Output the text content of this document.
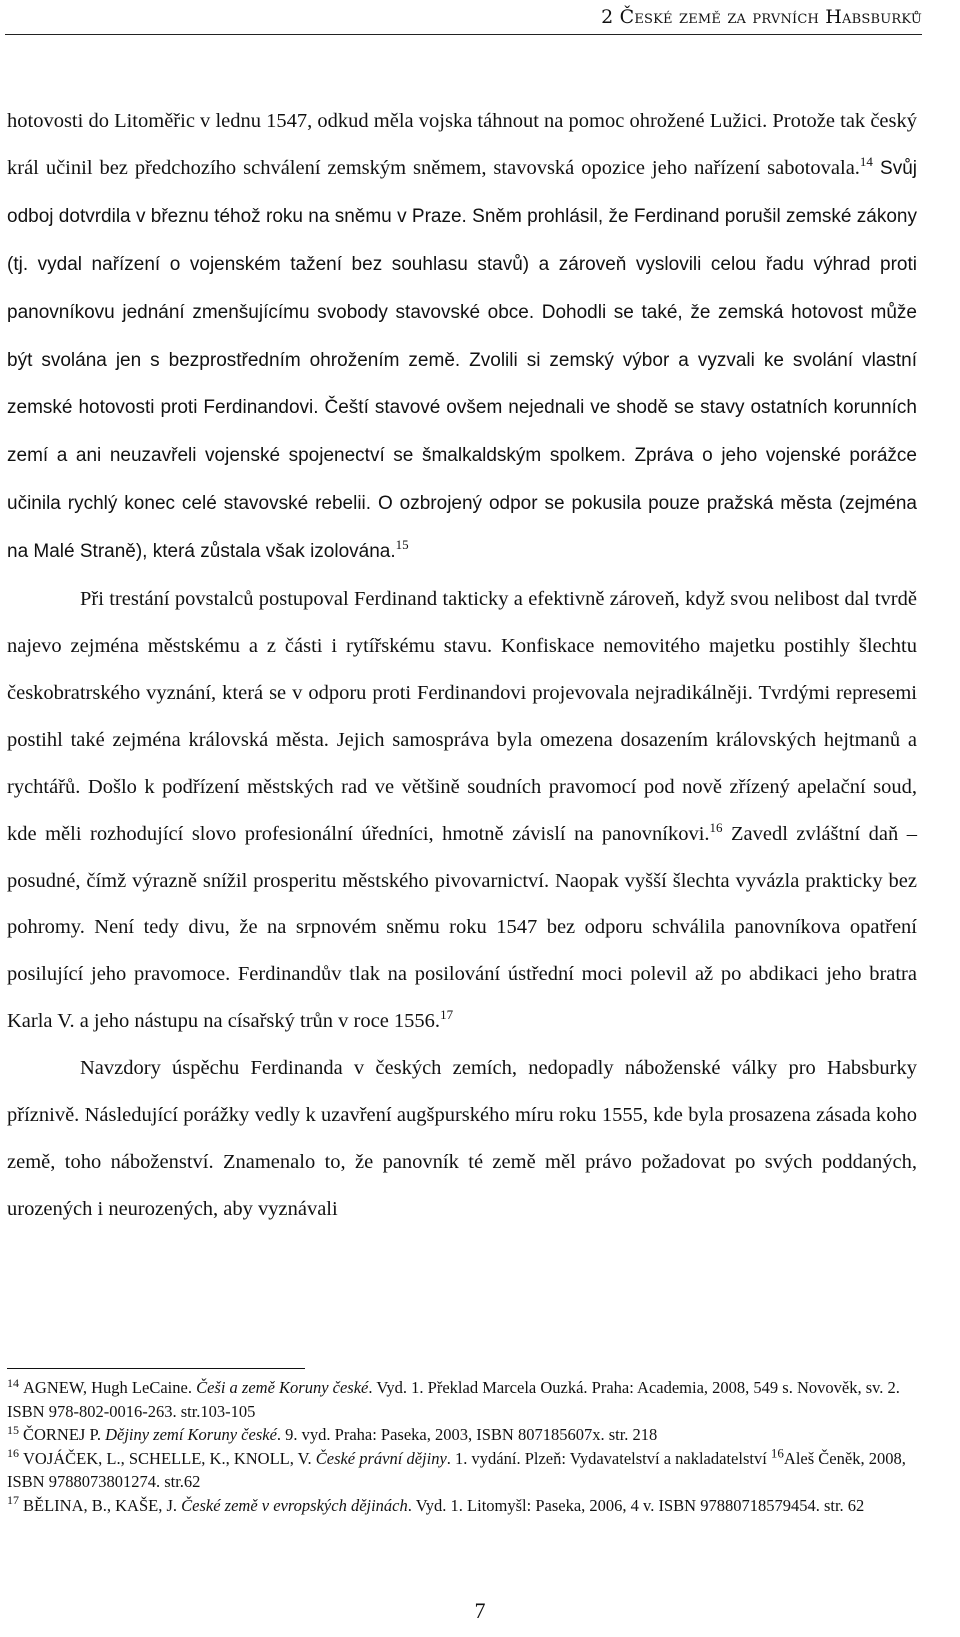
2 České země za prvních Habsburků

hotovosti do Litoměřic v lednu 1547, odkud měla vojska táhnout na pomoc ohrožené Lužici. Protože tak český král učinil bez předchozího schválení zemským sněmem, stavovská opozice jeho nařízení sabotovala.$^{14}$ Svůj odboj dotvrdila v březnu téhož roku na sněmu v Praze. Sněm prohlásil, že Ferdinand porušil zemské zákony (tj. vydal nařízení o vojenském tažení bez souhlasu stavů) a zároveň vyslovili celou řadu výhrad proti panovníkovu jednání zmenšujícímu svobody stavovské obce. Dohodli se také, že zemská hotovost může být svolána jen s bezprostředním ohrožením země. Zvolili si zemský výbor a vyzvali ke svolání vlastní zemské hotovosti proti Ferdinandovi. Čeští stavové ovšem nejednali ve shodě se stavy ostatních korunních zemí a ani neuzavřeli vojenské spojenectví se šmalkaldským spolkem. Zpráva o jeho vojenské porážce učinila rychlý konec celé stavovské rebelii. O ozbrojený odpor se pokusila pouze pražská města (zejména na Malé Straně), která zůstala však izolována.$^{15}$

Při trestání povstalců postupoval Ferdinand takticky a efektivně zároveň, když svou nelibost dal tvrdě najevo zejména městskému a z části i rytířskému stavu. Konfiskace nemovitého majetku postihly šlechtu českobratrského vyznání, která se v odporu proti Ferdinandovi projevovala nejradikálněji. Tvrdými represemi postihl také zejména královská města. Jejich samospráva byla omezena dosazením královských hejtmanů a rychtářů. Došlo k podřízení městských rad ve většině soudních pravomocí pod nově zřízený apelační soud, kde měli rozhodující slovo profesionální úředníci, hmotně závislí na panovníkovi.$^{16}$ Zavedl zvláštní daň – posudné, čímž výrazně snížil prosperitu městského pivovarnictví. Naopak vyšší šlechta vyvázla prakticky bez pohromy. Není tedy divu, že na srpnovém sněmu roku 1547 bez odporu schválila panovníkova opatření posilující jeho pravomoce. Ferdinandův tlak na posilování ústřední moci polevil až po abdikaci jeho bratra Karla V. a jeho nástupu na císařský trůn v roce 1556.17

Navzdory úspěchu Ferdinanda v českých zemích, nedopadly náboženské války pro Habsburky příznivě. Následující porážky vedly k uzavření augšpurského míru roku 1555, kde byla prosazena zásada koho země, toho náboženství. Znamenalo to, že panovník té země měl právo požadovat po svých poddaných, urozených i neurozených, aby vyznávali

$^{14}$ AGNEW, Hugh LeCaine. Češi a země Koruny české. Vyd. 1. Překlad Marcela Ouzká. Praha: Academia, 2008, 549 s. Novověk, sv. 2. ISBN 978-802-0016-263. str.103-105

$^{15}$ ČORNEJ P. Dějiny zemí Koruny české. 9. vyd. Praha: Paseka, 2003, ISBN 807185607x. str. 218

$^{16}$ VOJÁČEK, L., SCHELLE, K., KNOLL, V. České právní dějiny. 1. vydání. Plzeň: Vydavatelství a nakladatelství $^{16}$Aleš Čeněk, 2008, ISBN 9788073801274. str.62

$^{17}$ BĚLINA, B., KAŠE, J. České země v evropských dějinách. Vyd. 1. Litomyšl: Paseka, 2006, 4 v. ISBN 97880718579454. str. 62

7
